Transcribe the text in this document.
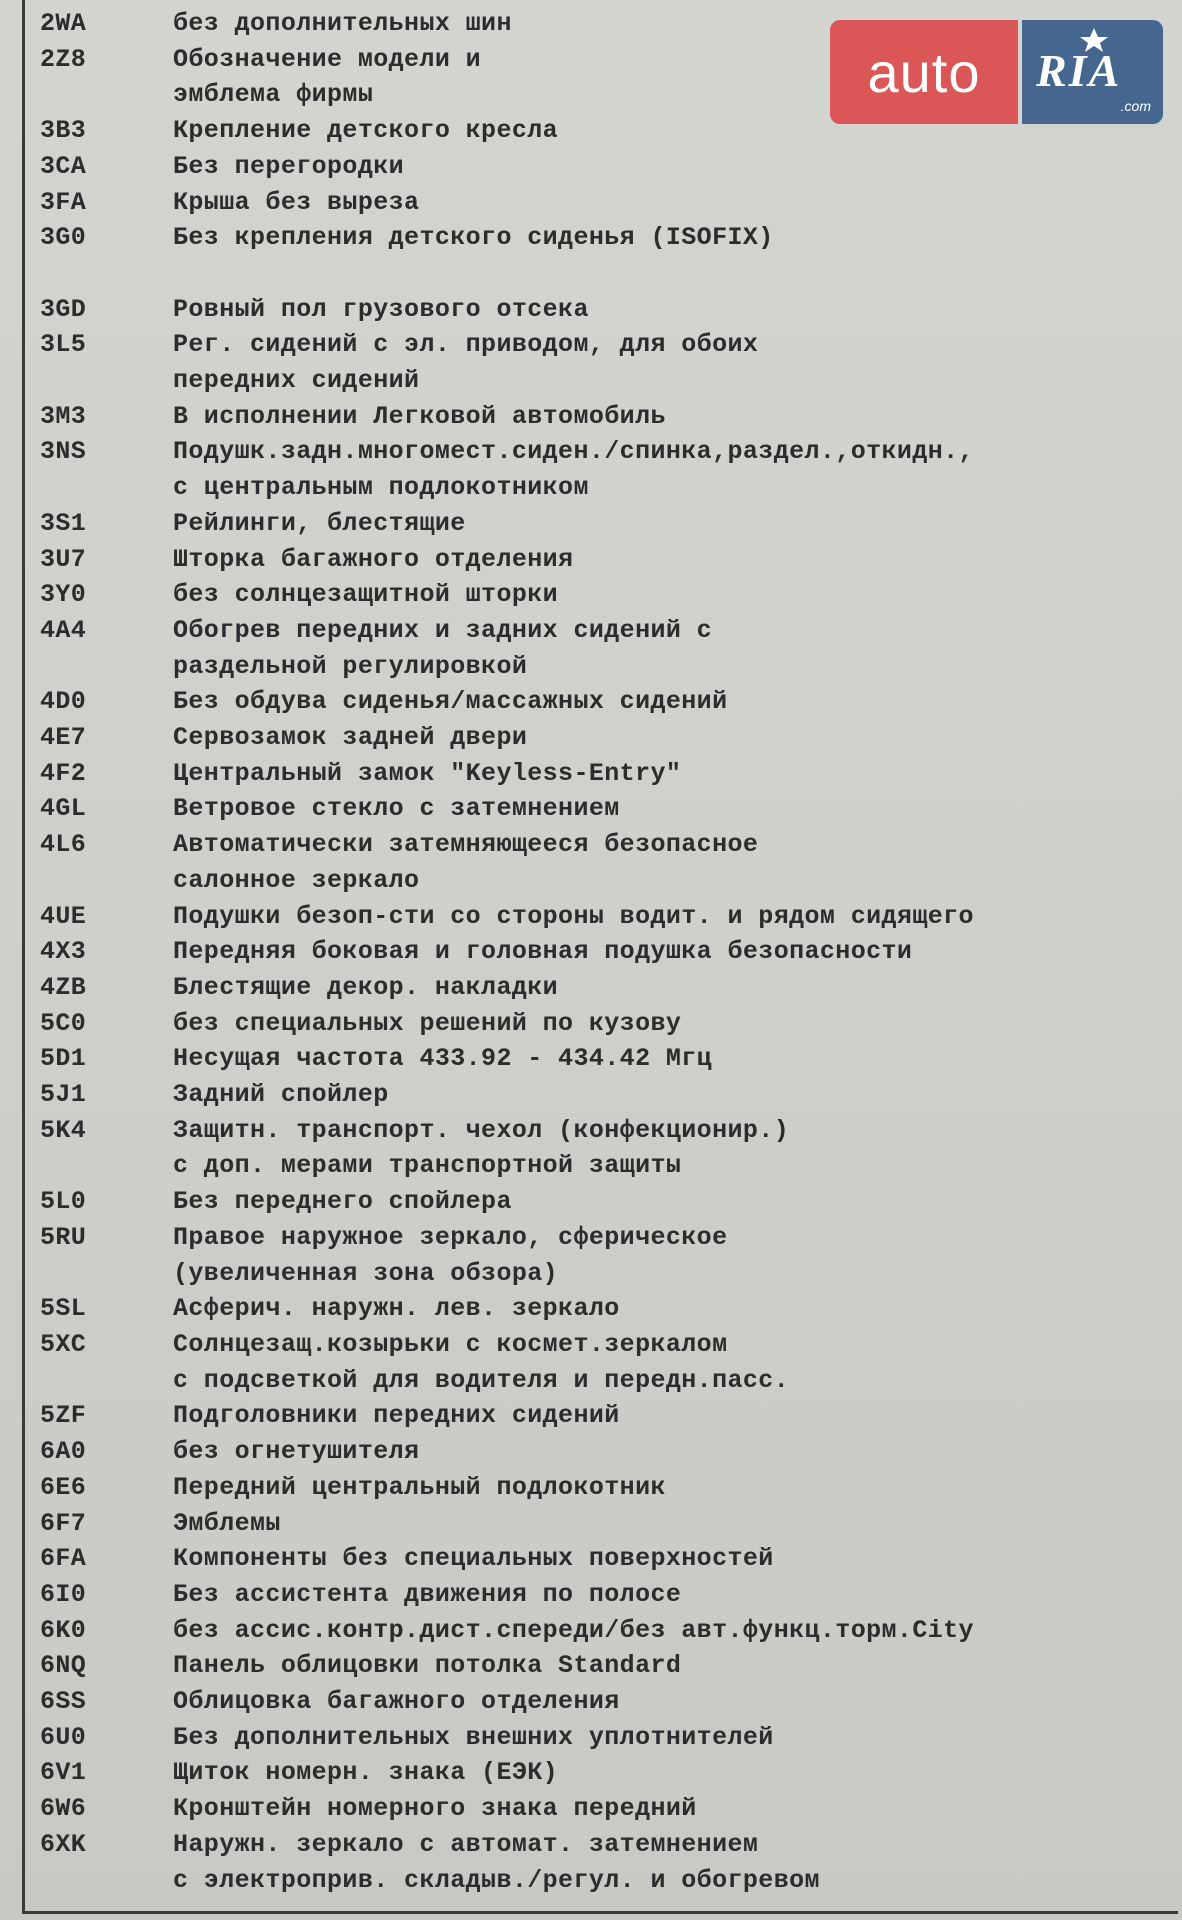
2WA	без дополнительных шин
2Z8	Обозначение модели и
эмблема фирмы
3B3	Крепление детского кресла
3CA	Без перегородки
3FA	Крыша без выреза
3G0	Без крепления детского сиденья (ISOFIX)
3GD	Ровный пол грузового отсека
3L5	Рег. сидений с эл. приводом, для обоих
передних сидений
3M3	В исполнении Легковой автомобиль
3NS	Подушк.задн.многомест.сиден./спинка,раздел.,откидн.,
с центральным подлокотником
3S1	Рейлинги, блестящие
3U7	Шторка багажного отделения
3Y0	без солнцезащитной шторки
4A4	Обогрев передних и задних сидений с
раздельной регулировкой
4D0	Без обдува сиденья/массажных сидений
4E7	Сервозамок задней двери
4F2	Центральный замок "Keyless-Entry"
4GL	Ветровое стекло с затемнением
4L6	Автоматически затемняющееся безопасное
салонное зеркало
4UE	Подушки безоп-сти со стороны водит. и рядом сидящего
4X3	Передняя боковая и головная подушка безопасности
4ZB	Блестящие декор. накладки
5C0	без специальных решений по кузову
5D1	Несущая частота 433.92 - 434.42 Мгц
5J1	Задний спойлер
5K4	Защитн. транспорт. чехол (конфекционир.)
с доп. мерами транспортной защиты
5L0	Без переднего спойлера
5RU	Правое наружное зеркало, сферическое
(увеличенная зона обзора)
5SL	Асферич. наружн. лев. зеркало
5XC	Солнцезащ.козырьки с космет.зеркалом
с подсветкой для водителя и передн.пасс.
5ZF	Подголовники передних сидений
6A0	без огнетушителя
6E6	Передний центральный подлокотник
6F7	Эмблемы
6FA	Компоненты без специальных поверхностей
6I0	Без ассистента движения по полосе
6K0	без ассис.контр.дист.спереди/без авт.функц.торм.City
6NQ	Панель облицовки потолка Standard
6SS	Облицовка багажного отделения
6U0	Без дополнительных внешних уплотнителей
6V1	Щиток номерн. знака (ЕЭК)
6W6	Кронштейн номерного знака передний
6XK	Наружн. зеркало с автомат. затемнением
с электроприв. складыв./регул. и обогревом
auto	RIA
.com
